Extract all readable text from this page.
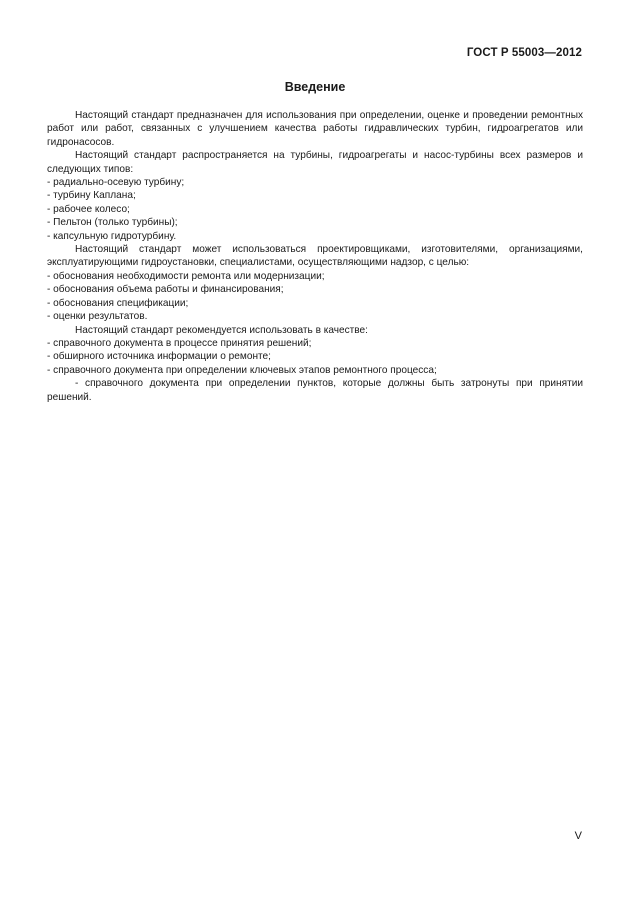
ГОСТ Р 55003—2012
Введение

Настоящий стандарт предназначен для использования при определении, оценке и проведении ремонтных работ или работ, связанных с улучшением качества работы гидравлических турбин, гидроагрегатов или гидронасосов.

Настоящий стандарт распространяется на турбины, гидроагрегаты и насос-турбины всех размеров и следующих типов:

- радиально-осевую турбину;

- турбину Каплана;

- рабочее колесо;

- Пельтон (только турбины);

- капсульную гидротурбину.

Настоящий стандарт может использоваться проектировщиками, изготовителями, организациями, эксплуатирующими гидроустановки, специалистами, осуществляющими надзор, с целью:

- обоснования необходимости ремонта или модернизации;

- обоснования объема работы и финансирования;

- обоснования спецификации;

- оценки результатов.

Настоящий стандарт рекомендуется использовать в качестве:

- справочного документа в процессе принятия решений;

- обширного источника информации о ремонте;

- справочного документа при определении ключевых этапов ремонтного процесса;

- справочного документа при определении пунктов, которые должны быть затронуты при принятии решений.

V
